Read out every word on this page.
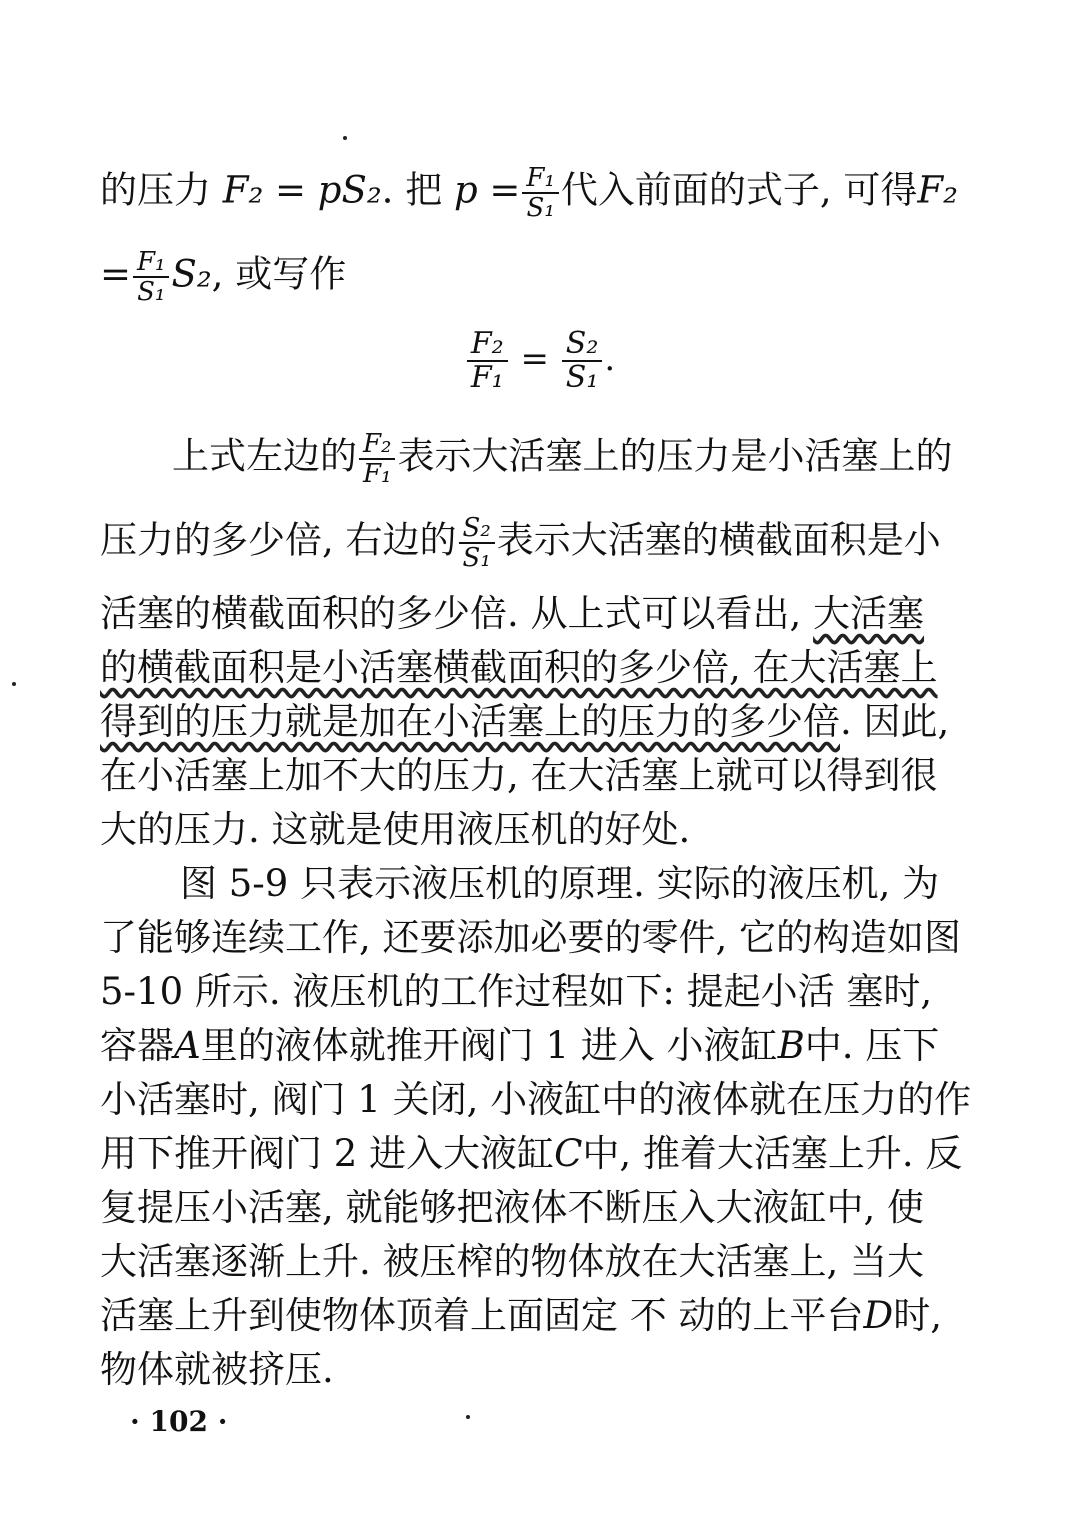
的压力 F₂ = pS₂. 把 $p = \frac{\text{F₁}}{\text{S₁}}$ 代入前面的式子, 可得F₂
= $\frac{\text{F₁}}{\text{S₁}} S_2$, 或写作
$\frac{\text{F₂}}{\text{F₁}} = \frac{\text{S₂}}{\text{S₁}}$ .
上式左边的 $\frac{\text{F₂}}{\text{F₁}}$ 表示大活塞上的压力是小活塞上的
压力的多少倍, 右边的 $\frac{\text{S₂}}{\text{S₁}}$ 表示大活塞的横截面积是小
活塞的横截面积的多少倍. 从上式可以看出, 大活塞
的横截面积是小活塞横截面积的多少倍, 在大活塞上
得到的压力就是加在小活塞上的压力的多少倍. 因此,
在小活塞上加不大的压力, 在大活塞上就可以得到很
大的压力. 这就是使用液压机的好处.
图 5-9 只表示液压机的原理. 实际的液压机, 为
了能够连续工作, 还要添加必要的零件, 它的构造如图
5-10 所示. 液压机的工作过程如下: 提起小活 塞时,
容器A里的液体就推开阀门 1 进入 小液缸B中. 压下
小活塞时, 阀门 1 关闭, 小液缸中的液体就在压力的作
用下推开阀门 2 进入大液缸C中, 推着大活塞上升. 反
复提压小活塞, 就能够把液体不断压入大液缸中, 使
大活塞逐渐上升. 被压榨的物体放在大活塞上, 当大
活塞上升到使物体顶着上面固定 不 动的上平台D时,
物体就被挤压.
· 102 ·
